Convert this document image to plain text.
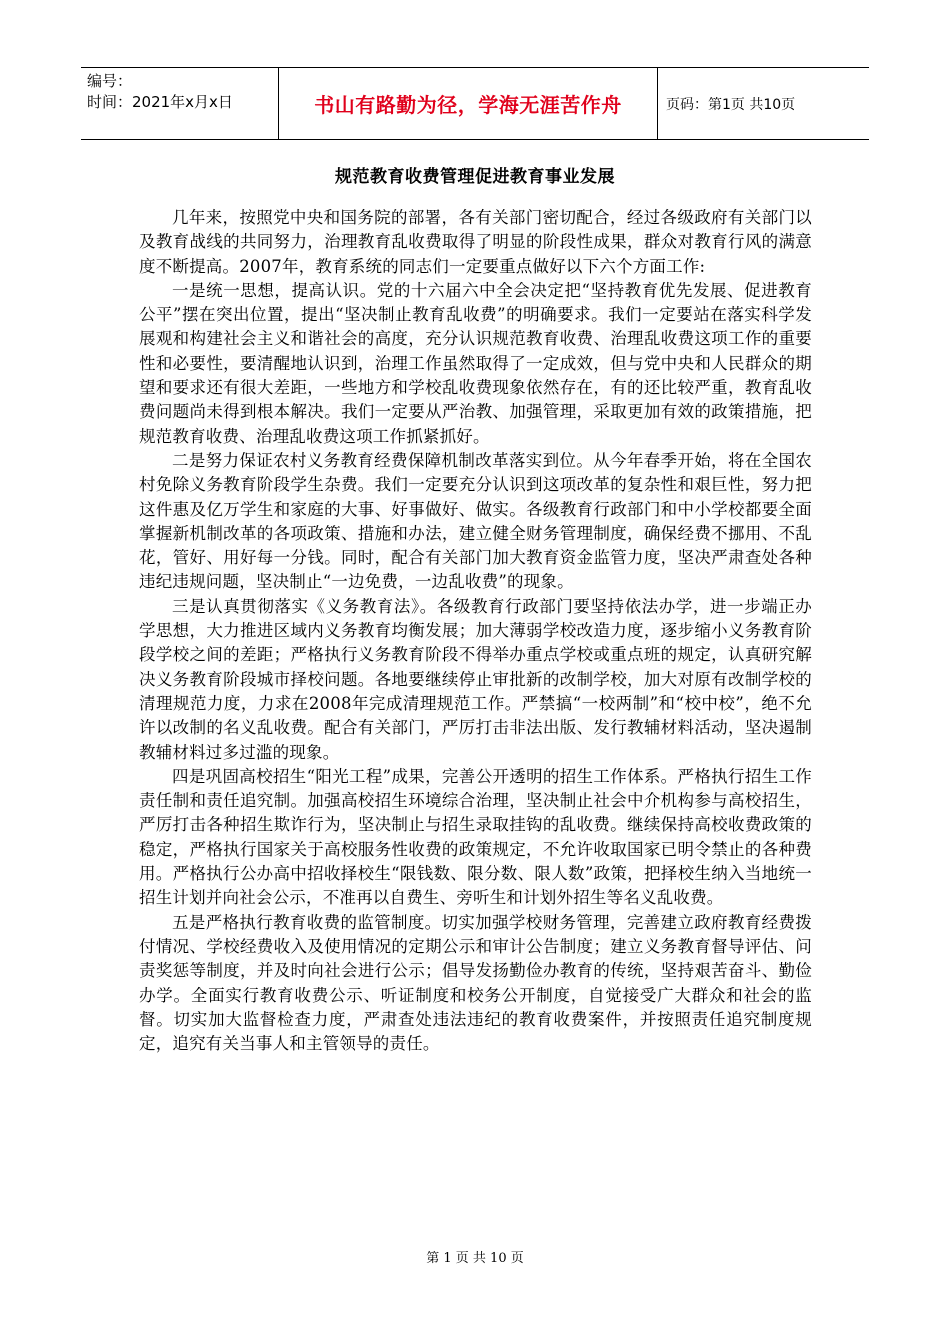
编号：
时间：2021年x月x日	书山有路勤为径，学海无涯苦作舟	页码：第1页 共10页
规范教育收费管理促进教育事业发展

几年来，按照党中央和国务院的部署，各有关部门密切配合，经过各级政府有关部门以及教育战线的共同努力，治理教育乱收费取得了明显的阶段性成果，群众对教育行风的满意度不断提高。2007年，教育系统的同志们一定要重点做好以下六个方面工作:

一是统一思想，提高认识。党的十六届六中全会决定把“坚持教育优先发展、促进教育公平”摆在突出位置，提出“坚决制止教育乱收费”的明确要求。我们一定要站在落实科学发展观和构建社会主义和谐社会的高度，充分认识规范教育收费、治理乱收费这项工作的重要性和必要性，要清醒地认识到，治理工作虽然取得了一定成效，但与党中央和人民群众的期望和要求还有很大差距，一些地方和学校乱收费现象依然存在，有的还比较严重，教育乱收费问题尚未得到根本解决。我们一定要从严治教、加强管理，采取更加有效的政策措施，把规范教育收费、治理乱收费这项工作抓紧抓好。

二是努力保证农村义务教育经费保障机制改革落实到位。从今年春季开始，将在全国农村免除义务教育阶段学生杂费。我们一定要充分认识到这项改革的复杂性和艰巨性，努力把这件惠及亿万学生和家庭的大事、好事做好、做实。各级教育行政部门和中小学校都要全面掌握新机制改革的各项政策、措施和办法，建立健全财务管理制度，确保经费不挪用、不乱花，管好、用好每一分钱。同时，配合有关部门加大教育资金监管力度，坚决严肃查处各种违纪违规问题，坚决制止“一边免费，一边乱收费”的现象。

三是认真贯彻落实《义务教育法》。各级教育行政部门要坚持依法办学，进一步端正办学思想，大力推进区域内义务教育均衡发展；加大薄弱学校改造力度，逐步缩小义务教育阶段学校之间的差距；严格执行义务教育阶段不得举办重点学校或重点班的规定，认真研究解决义务教育阶段城市择校问题。各地要继续停止审批新的改制学校，加大对原有改制学校的清理规范力度，力求在2008年完成清理规范工作。严禁搞“一校两制”和“校中校”，绝不允许以改制的名义乱收费。配合有关部门，严厉打击非法出版、发行教辅材料活动，坚决遏制教辅材料过多过滥的现象。

四是巩固高校招生“阳光工程”成果，完善公开透明的招生工作体系。严格执行招生工作责任制和责任追究制。加强高校招生环境综合治理，坚决制止社会中介机构参与高校招生，严厉打击各种招生欺诈行为，坚决制止与招生录取挂钩的乱收费。继续保持高校收费政策的稳定，严格执行国家关于高校服务性收费的政策规定，不允许收取国家已明令禁止的各种费用。严格执行公办高中招收择校生“限钱数、限分数、限人数”政策，把择校生纳入当地统一招生计划并向社会公示，不准再以自费生、旁听生和计划外招生等名义乱收费。

五是严格执行教育收费的监管制度。切实加强学校财务管理，完善建立政府教育经费拨付情况、学校经费收入及使用情况的定期公示和审计公告制度；建立义务教育督导评估、问责奖惩等制度，并及时向社会进行公示；倡导发扬勤俭办教育的传统，坚持艰苦奋斗、勤俭办学。全面实行教育收费公示、听证制度和校务公开制度，自觉接受广大群众和社会的监督。切实加大监督检查力度，严肃查处违法违纪的教育收费案件，并按照责任追究制度规定，追究有关当事人和主管领导的责任。

第 1 页 共 10 页
